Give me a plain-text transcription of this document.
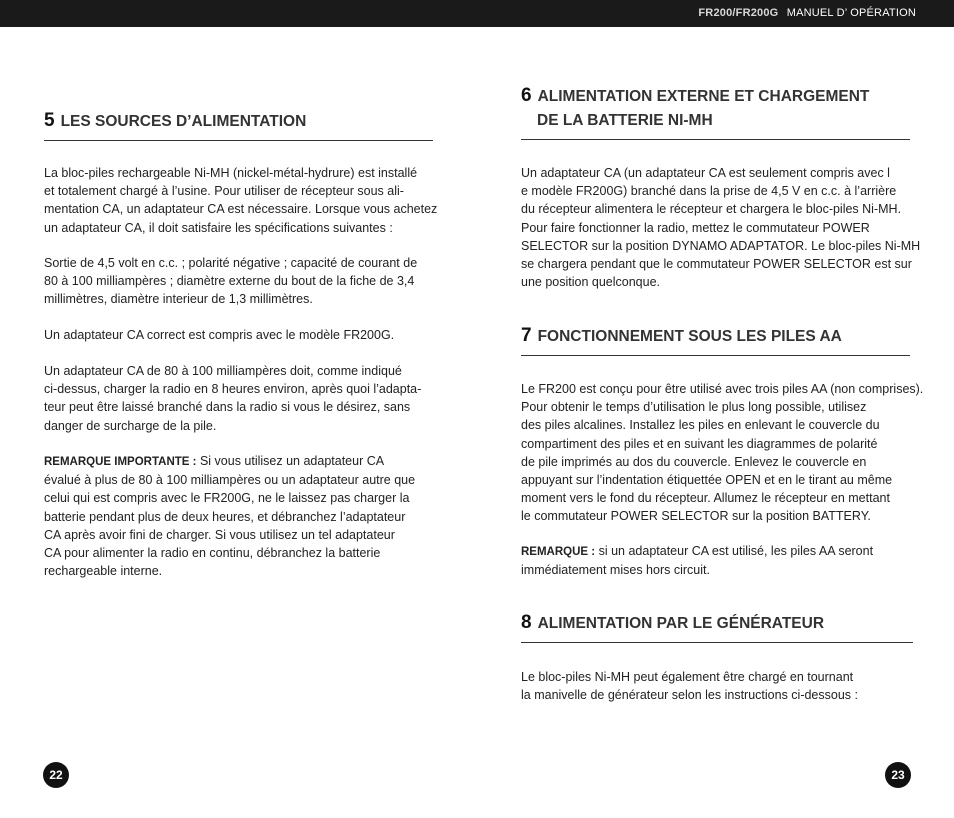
FR200/FR200G MANUEL D’ OPÉRATION
5 LES SOURCES D’ALIMENTATION
La bloc-piles rechargeable Ni-MH (nickel-métal-hydrure) est installé
et totalement chargé à l’usine. Pour utiliser de récepteur sous ali-
mentation CA, un adaptateur CA est nécessaire. Lorsque vous achetez
un adaptateur CA, il doit satisfaire les spécifications suivantes :
Sortie de 4,5 volt en c.c. ; polarité négative ; capacité de courant de
80 à 100 milliampères ; diamètre externe du bout de la fiche de 3,4
millimètres, diamètre interieur de 1,3 millimètres.
Un adaptateur CA correct est compris avec le modèle FR200G.
Un adaptateur CA de 80 à 100 milliampères doit, comme indiqué
ci-dessus, charger la radio en 8 heures environ, après quoi l’adapta-
teur peut être laissé branché dans la radio si vous le désirez, sans
danger de surcharge de la pile.
REMARQUE IMPORTANTE : Si vous utilisez un adaptateur CA
évalué à plus de 80 à 100 milliampères ou un adaptateur autre que
celui qui est compris avec le FR200G, ne le laissez pas charger la
batterie pendant plus de deux heures, et débranchez l’adaptateur
CA après avoir fini de charger. Si vous utilisez un tel adaptateur
CA pour alimenter la radio en continu, débranchez la batterie
rechargeable interne.
22
6 ALIMENTATION EXTERNE ET CHARGEMENT
DE LA BATTERIE NI-MH
Un adaptateur CA (un adaptateur CA est seulement compris avec l
e modèle FR200G) branché dans la prise de 4,5 V en c.c. à l’arrière
du récepteur alimentera le récepteur et chargera le bloc-piles Ni-MH.
Pour faire fonctionner la radio, mettez le commutateur POWER
SELECTOR sur la position DYNAMO ADAPTATOR. Le bloc-piles Ni-MH
se chargera pendant que le commutateur POWER SELECTOR est sur
une position quelconque.
7 FONCTIONNEMENT SOUS LES PILES AA
Le FR200 est conçu pour être utilisé avec trois piles AA (non comprises).
Pour obtenir le temps d’utilisation le plus long possible, utilisez
des piles alcalines. Installez les piles en enlevant le couvercle du
compartiment des piles et en suivant les diagrammes de polarité
de pile imprimés au dos du couvercle. Enlevez le couvercle en
appuyant sur l’indentation étiquettée OPEN et en le tirant au même
moment vers le fond du récepteur. Allumez le récepteur en mettant
le commutateur POWER SELECTOR sur la position BATTERY.
REMARQUE : si un adaptateur CA est utilisé, les piles AA seront
immédiatement mises hors circuit.
8 ALIMENTATION PAR LE GÉNÉRATEUR
Le bloc-piles Ni-MH peut également être chargé en tournant
la manivelle de générateur selon les instructions ci-dessous :
23
